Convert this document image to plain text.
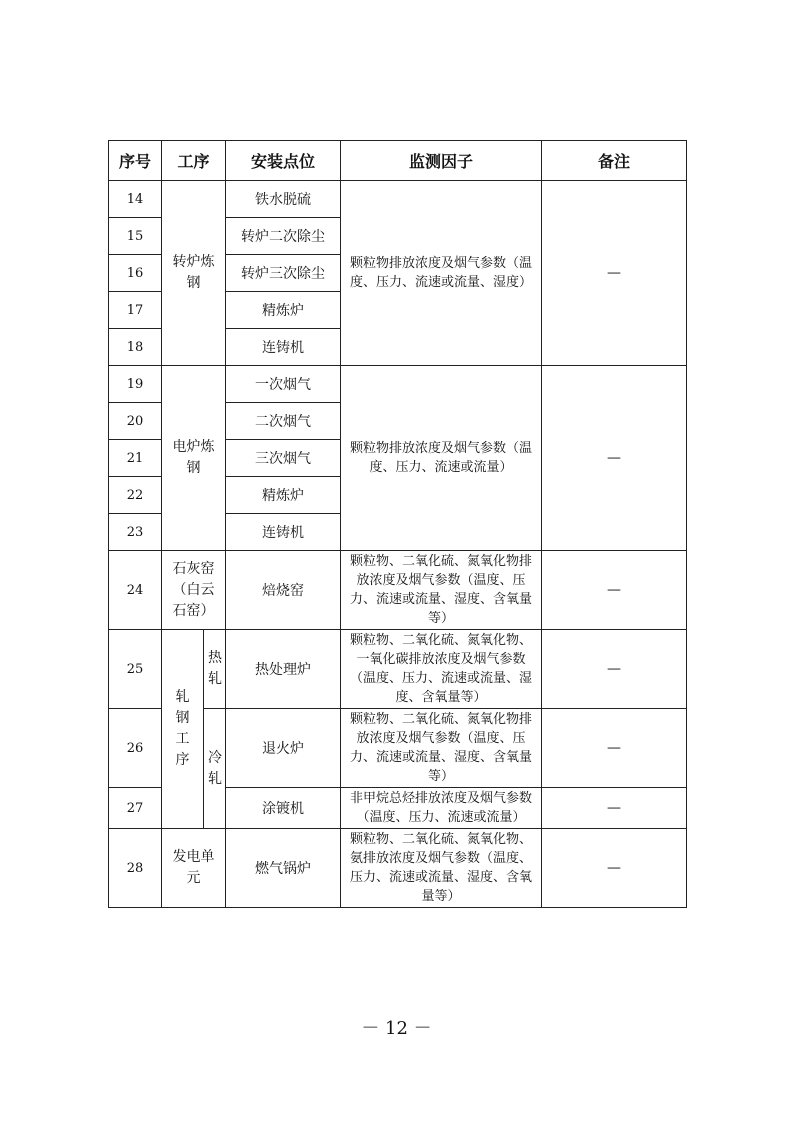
序号	工序		安装点位	监测因子	备注
14	转炉炼钢		铁水脱硫	颗粒物排放浓度及烟气参数（温度、压力、流速或流量、湿度）	—
15			转炉二次除尘		
16			转炉三次除尘		
17			精炼炉		
18			连铸机		
19	电炉炼钢		一次烟气	颗粒物排放浓度及烟气参数（温度、压力、流速或流量）	—
20			二次烟气		
21			三次烟气		
22			精炼炉		
23			连铸机		
24	石灰窑（白云石窑）		焙烧窑	颗粒物、二氧化硫、氮氧化物排放浓度及烟气参数（温度、压力、流速或流量、湿度、含氧量等）	—
25	轧钢工序	热轧	热处理炉	颗粒物、二氧化硫、氮氧化物、一氧化碳排放浓度及烟气参数（温度、压力、流速或流量、湿度、含氧量等）	—
26		冷轧	退火炉	颗粒物、二氧化硫、氮氧化物排放浓度及烟气参数（温度、压力、流速或流量、湿度、含氧量等）	—
27			涂镀机	非甲烷总烃排放浓度及烟气参数（温度、压力、流速或流量）	—
28	发电单元		燃气锅炉	颗粒物、二氧化硫、氮氧化物、氨排放浓度及烟气参数（温度、压力、流速或流量、湿度、含氧量等）	—
－ 12 －
